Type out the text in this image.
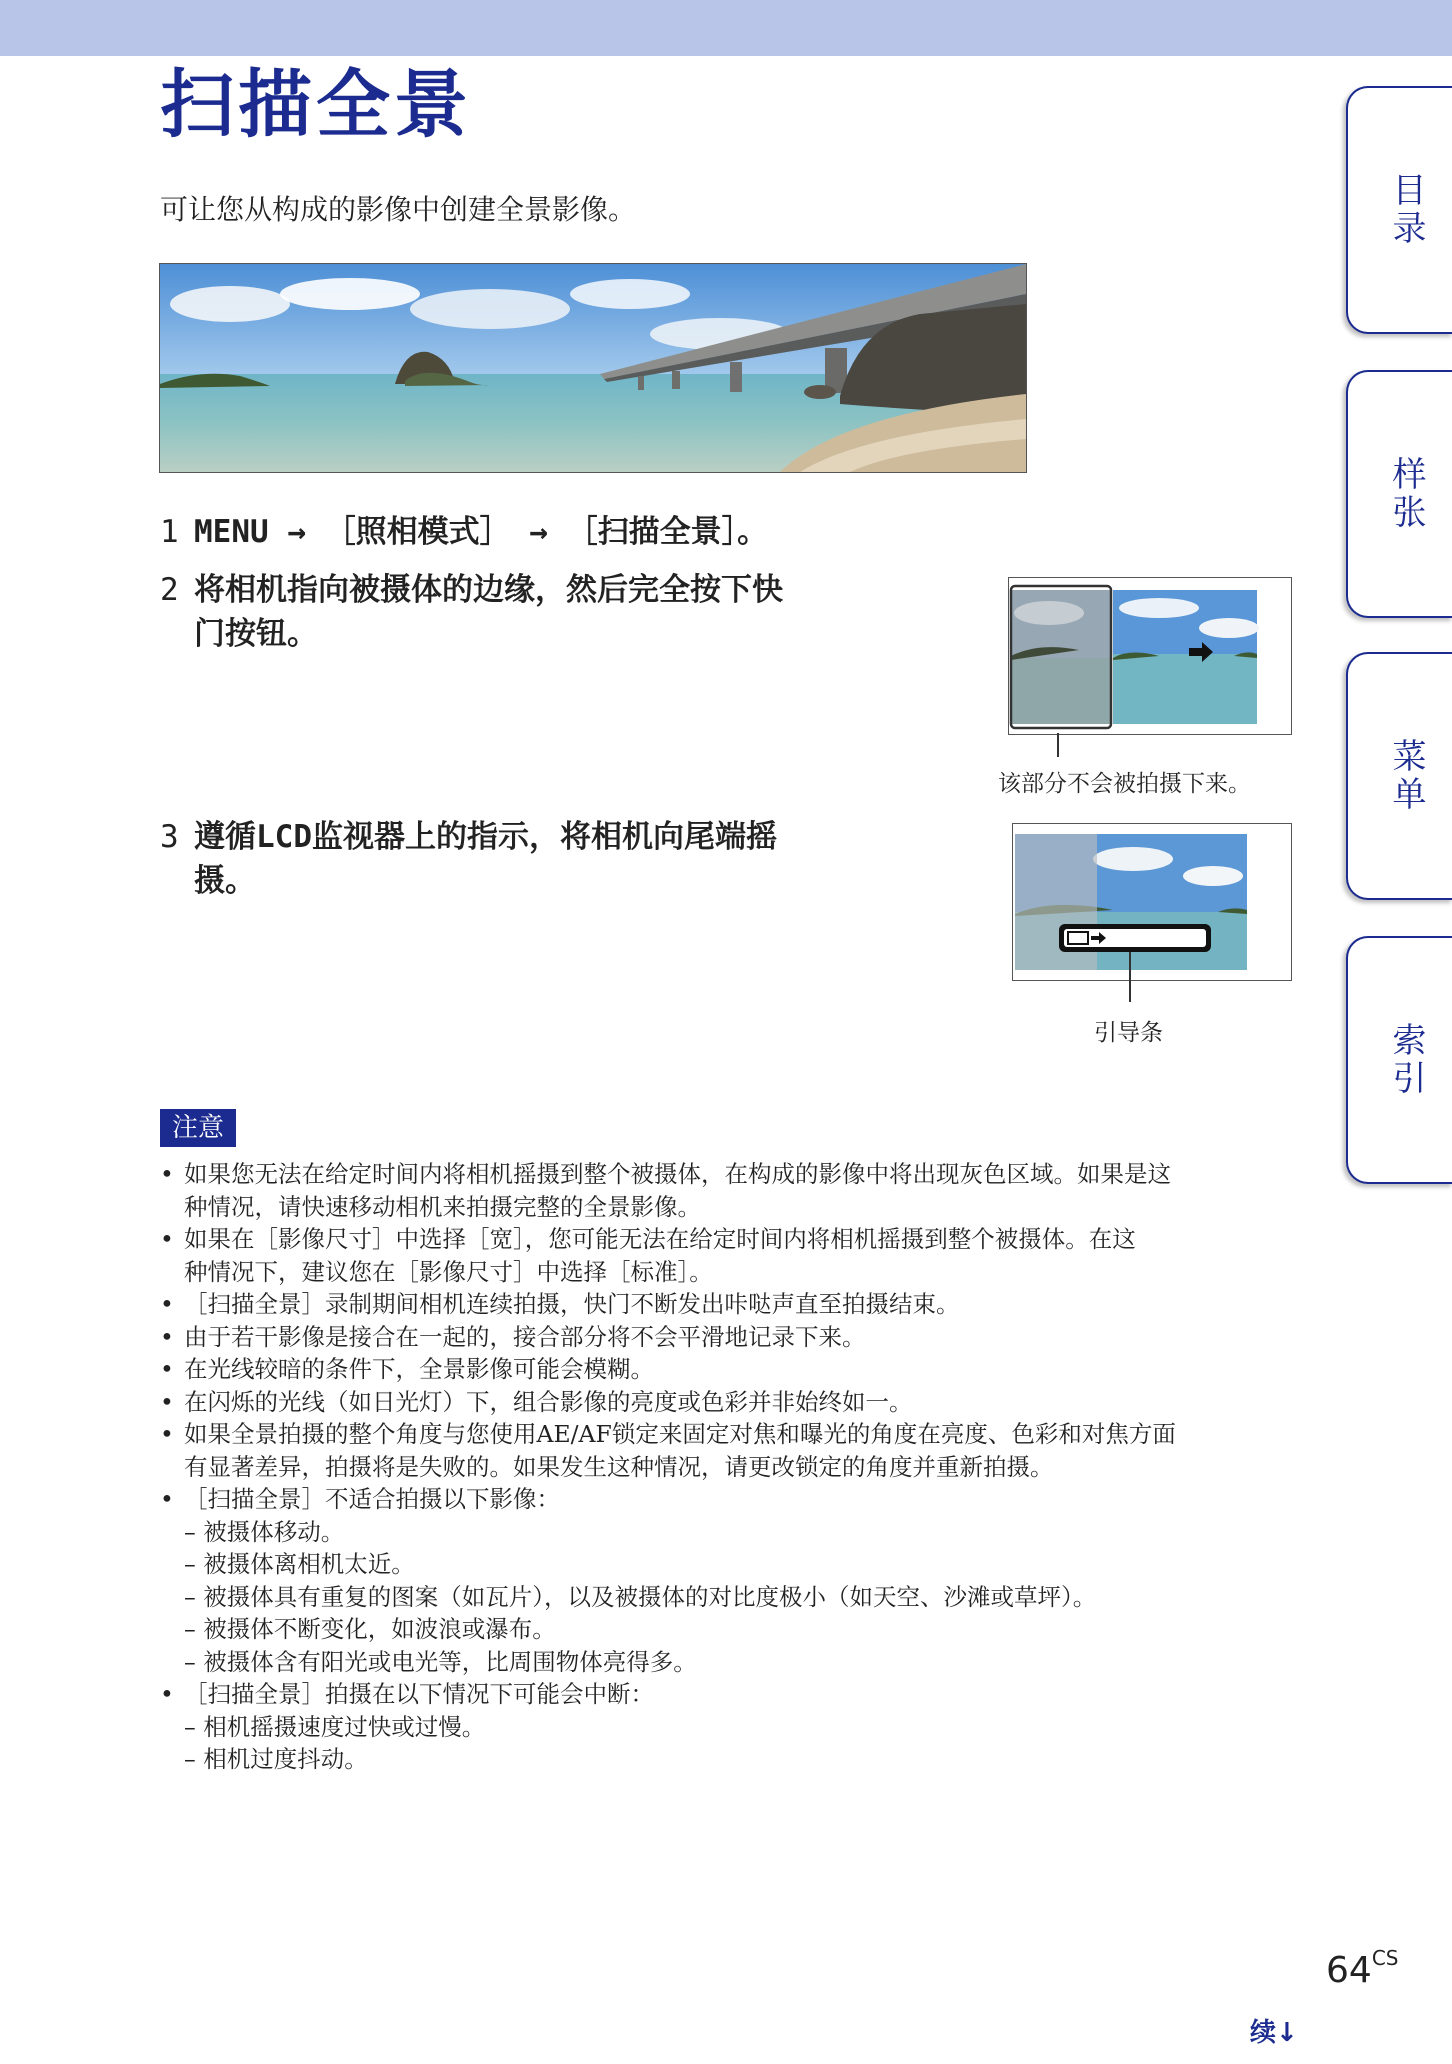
扫描全景
可让您从构成的影像中创建全景影像。
1 MENU → ［照相模式］ → ［扫描全景］。
2 将相机指向被摄体的边缘，然后完全按下快
门按钮。
3 遵循LCD监视器上的指示，将相机向尾端摇
摄。
该部分不会被拍摄下来。
引导条
注意
• 如果您无法在给定时间内将相机摇摄到整个被摄体，在构成的影像中将出现灰色区域。如果是这
种情况，请快速移动相机来拍摄完整的全景影像。
• 如果在［影像尺寸］中选择［宽］，您可能无法在给定时间内将相机摇摄到整个被摄体。在这
种情况下，建议您在［影像尺寸］中选择［标准］。
• ［扫描全景］录制期间相机连续拍摄，快门不断发出咔哒声直至拍摄结束。
• 由于若干影像是接合在一起的，接合部分将不会平滑地记录下来。
• 在光线较暗的条件下，全景影像可能会模糊。
• 在闪烁的光线（如日光灯）下，组合影像的亮度或色彩并非始终如一。
• 如果全景拍摄的整个角度与您使用AE/AF锁定来固定对焦和曝光的角度在亮度、色彩和对焦方面
有显著差异，拍摄将是失败的。如果发生这种情况，请更改锁定的角度并重新拍摄。
• ［扫描全景］不适合拍摄以下影像：
– 被摄体移动。
– 被摄体离相机太近。
– 被摄体具有重复的图案（如瓦片），以及被摄体的对比度极小（如天空、沙滩或草坪）。
– 被摄体不断变化，如波浪或瀑布。
– 被摄体含有阳光或电光等，比周围物体亮得多。
• ［扫描全景］拍摄在以下情况下可能会中断：
– 相机摇摄速度过快或过慢。
– 相机过度抖动。
目录
样张
菜单
索引
$64^{CS}$
续↓
